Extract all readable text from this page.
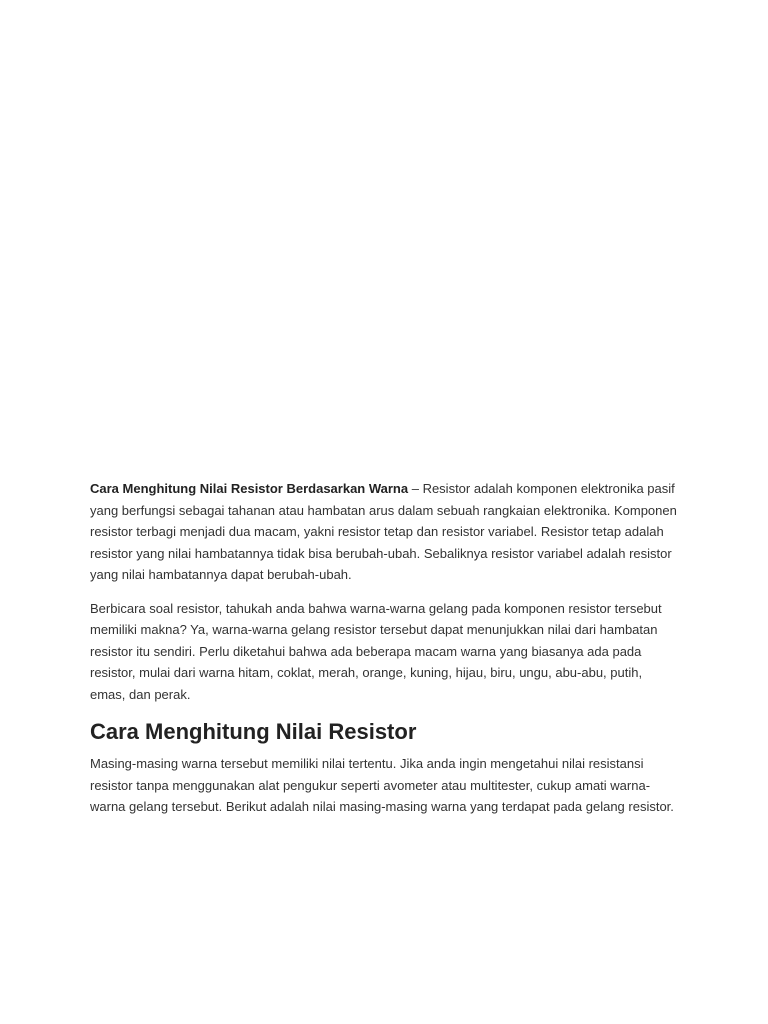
Cara Menghitung Nilai Resistor Berdasarkan Warna – Resistor adalah komponen elektronika pasif yang berfungsi sebagai tahanan atau hambatan arus dalam sebuah rangkaian elektronika. Komponen resistor terbagi menjadi dua macam, yakni resistor tetap dan resistor variabel. Resistor tetap adalah resistor yang nilai hambatannya tidak bisa berubah-ubah. Sebaliknya resistor variabel adalah resistor yang nilai hambatannya dapat berubah-ubah.

Berbicara soal resistor, tahukah anda bahwa warna-warna gelang pada komponen resistor tersebut memiliki makna? Ya, warna-warna gelang resistor tersebut dapat menunjukkan nilai dari hambatan resistor itu sendiri. Perlu diketahui bahwa ada beberapa macam warna yang biasanya ada pada resistor, mulai dari warna hitam, coklat, merah, orange, kuning, hijau, biru, ungu, abu-abu, putih, emas, dan perak.

Cara Menghitung Nilai Resistor

Masing-masing warna tersebut memiliki nilai tertentu. Jika anda ingin mengetahui nilai resistansi resistor tanpa menggunakan alat pengukur seperti avometer atau multitester, cukup amati warna-warna gelang tersebut. Berikut adalah nilai masing-masing warna yang terdapat pada gelang resistor.
